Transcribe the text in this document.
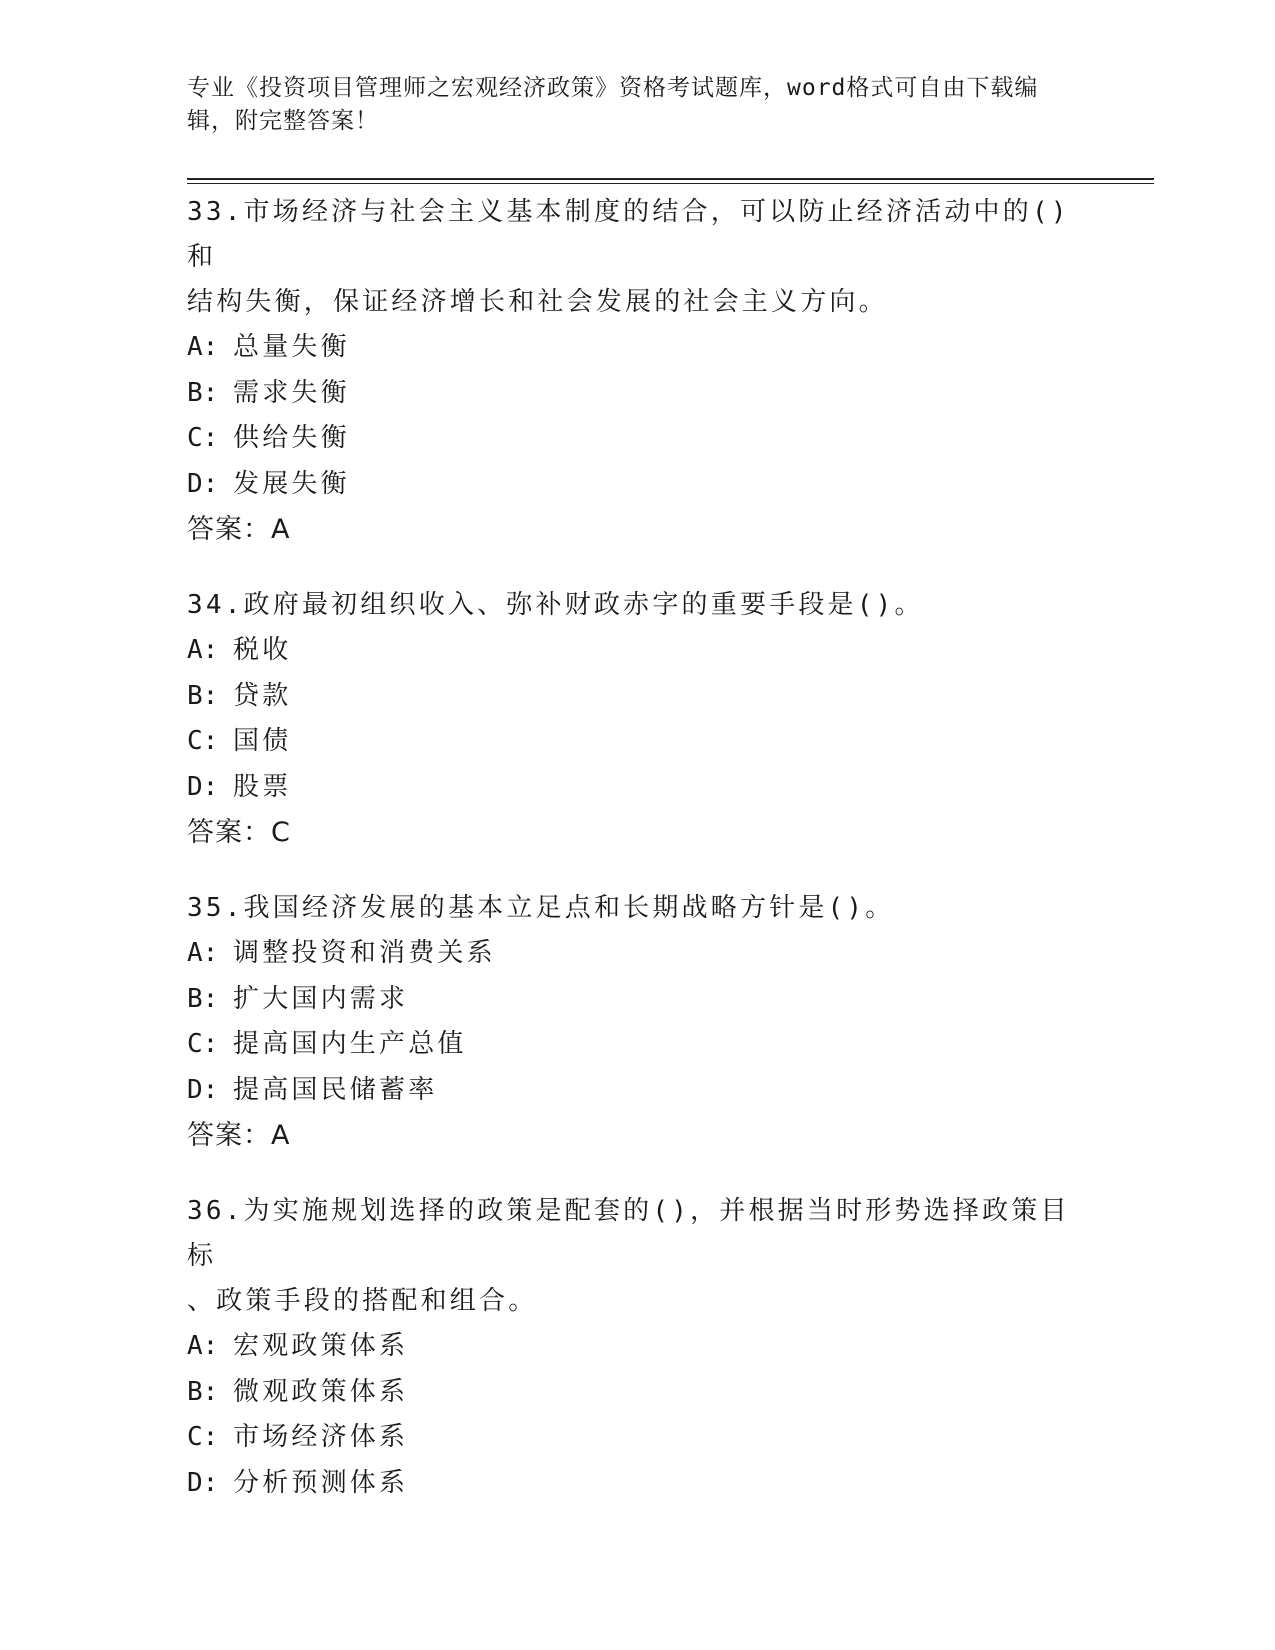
专业《投资项目管理师之宏观经济政策》资格考试题库，word格式可自由下载编
辑，附完整答案！
33.市场经济与社会主义基本制度的结合，可以防止经济活动中的()和
结构失衡，保证经济增长和社会发展的社会主义方向。
A: 总量失衡
B: 需求失衡
C: 供给失衡
D: 发展失衡
答案：A
34.政府最初组织收入、弥补财政赤字的重要手段是()。
A: 税收
B: 贷款
C: 国债
D: 股票
答案：C
35.我国经济发展的基本立足点和长期战略方针是()。
A: 调整投资和消费关系
B: 扩大国内需求
C: 提高国内生产总值
D: 提高国民储蓄率
答案：A
36.为实施规划选择的政策是配套的()，并根据当时形势选择政策目标
、政策手段的搭配和组合。
A: 宏观政策体系
B: 微观政策体系
C: 市场经济体系
D: 分析预测体系
